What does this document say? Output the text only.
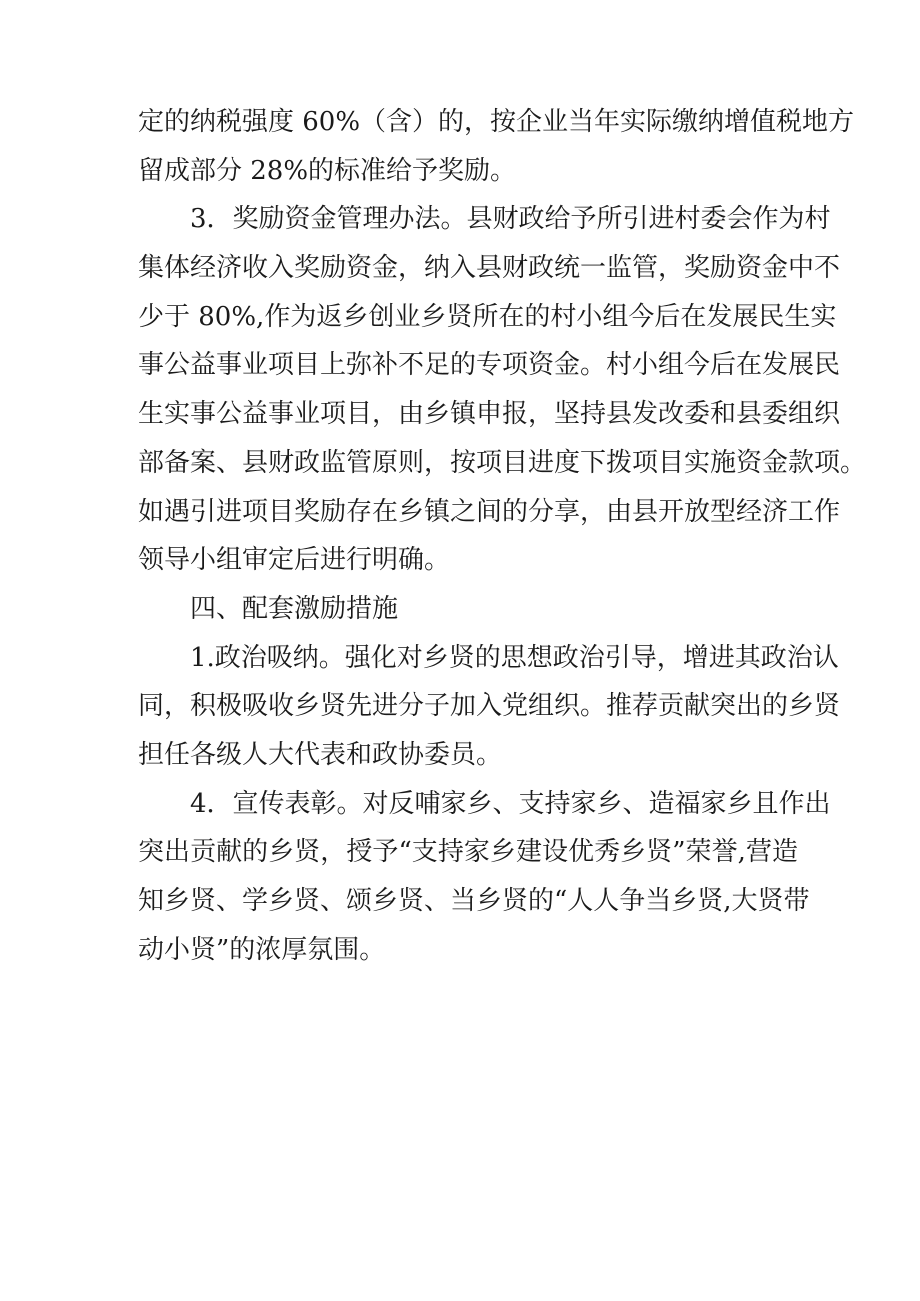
定的纳税强度 60%（含）的，按企业当年实际缴纳增值税地方
留成部分 28%的标准给予奖励。
3．奖励资金管理办法。县财政给予所引进村委会作为村
集体经济收入奖励资金，纳入县财政统一监管，奖励资金中不
少于 80%,作为返乡创业乡贤所在的村小组今后在发展民生实
事公益事业项目上弥补不足的专项资金。村小组今后在发展民
生实事公益事业项目，由乡镇申报，坚持县发改委和县委组织
部备案、县财政监管原则，按项目进度下拨项目实施资金款项。
如遇引进项目奖励存在乡镇之间的分享，由县开放型经济工作
领导小组审定后进行明确。
四、配套激励措施
1.政治吸纳。强化对乡贤的思想政治引导，增进其政治认
同，积极吸收乡贤先进分子加入党组织。推荐贡献突出的乡贤
担任各级人大代表和政协委员。
4．宣传表彰。对反哺家乡、支持家乡、造福家乡且作出
突出贡献的乡贤，授予“支持家乡建设优秀乡贤”荣誉,营造
知乡贤、学乡贤、颂乡贤、当乡贤的“人人争当乡贤,大贤带
动小贤”的浓厚氛围。
